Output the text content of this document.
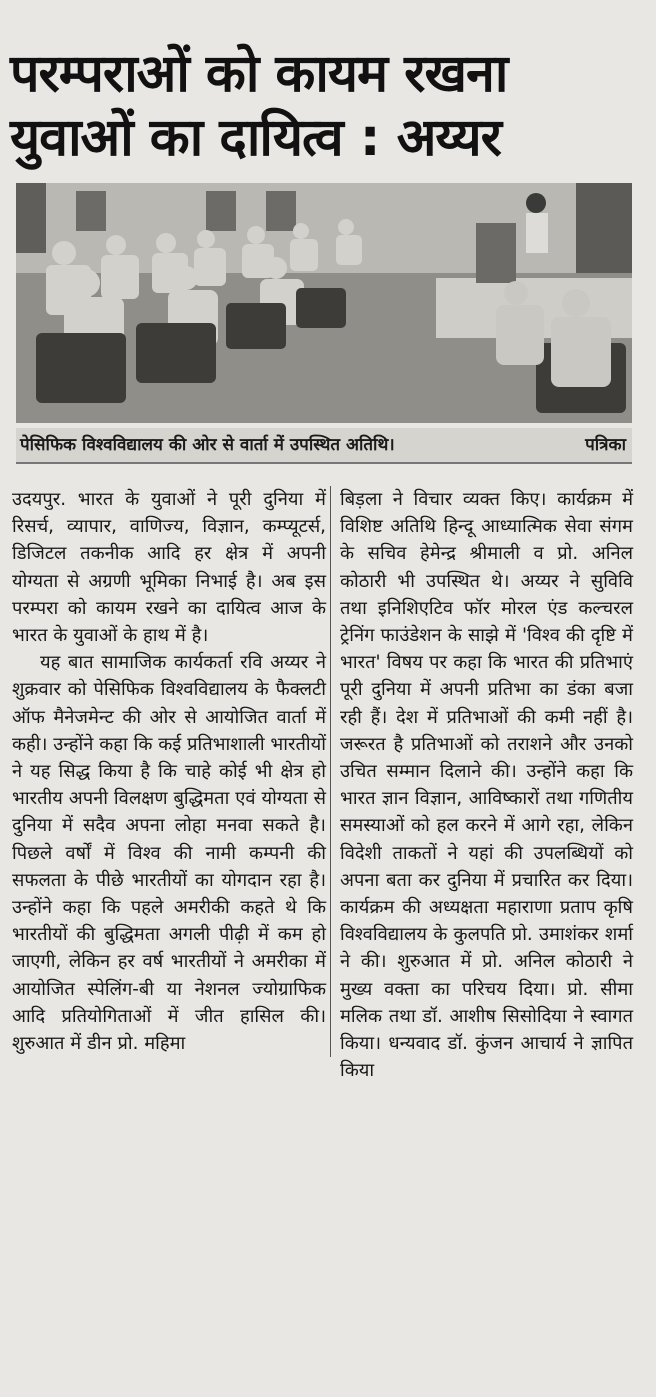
परम्पराओं को कायम रखना
युवाओं का दायित्व : अय्यर
पेसिफिक विश्वविद्यालय की ओर से वार्ता में उपस्थित अतिथि।	पत्रिका

उदयपुर. भारत के युवाओं ने पूरी दुनिया में रिसर्च, व्यापार, वाणिज्य, विज्ञान, कम्प्यूटर्स, डिजिटल तकनीक आदि हर क्षेत्र में अपनी योग्यता से अग्रणी भूमिका निभाई है। अब इस परम्परा को कायम रखने का दायित्व आज के भारत के युवाओं के हाथ में है।

यह बात सामाजिक कार्यकर्ता रवि अय्यर ने शुक्रवार को पेसिफिक विश्वविद्यालय के फैक्लटी ऑफ मैनेजमेन्ट की ओर से आयोजित वार्ता में कही। उन्होंने कहा कि कई प्रतिभाशाली भारतीयों ने यह सिद्ध किया है कि चाहे कोई भी क्षेत्र हो भारतीय अपनी विलक्षण बुद्धिमता एवं योग्यता से दुनिया में सदैव अपना लोहा मनवा सकते है। पिछले वर्षों में विश्व की नामी कम्पनी की सफलता के पीछे भारतीयों का योगदान रहा है। उन्होंने कहा कि पहले अमरीकी कहते थे कि भारतीयों की बुद्धिमता अगली पीढ़ी में कम हो जाएगी, लेकिन हर वर्ष भारतीयों ने अमरीका में आयोजित स्पेलिंग-बी या नेशनल ज्योग्राफिक आदि प्रतियोगिताओं में जीत हासिल की। शुरुआत में डीन प्रो. महिमा

बिड़ला ने विचार व्यक्त किए। कार्यक्रम में विशिष्ट अतिथि हिन्दू आध्यात्मिक सेवा संगम के सचिव हेमेन्द्र श्रीमाली व प्रो. अनिल कोठारी भी उपस्थित थे। अय्यर ने सुविवि तथा इनिशिएटिव फॉर मोरल एंड कल्चरल ट्रेनिंग फाउंडेशन के साझे में 'विश्व की दृष्टि में भारत' विषय पर कहा कि भारत की प्रतिभाएं पूरी दुनिया में अपनी प्रतिभा का डंका बजा रही हैं। देश में प्रतिभाओं की कमी नहीं है। जरूरत है प्रतिभाओं को तराशने और उनको उचित सम्मान दिलाने की। उन्होंने कहा कि भारत ज्ञान विज्ञान, आविष्कारों तथा गणितीय समस्याओं को हल करने में आगे रहा, लेकिन विदेशी ताकतों ने यहां की उपलब्धियों को अपना बता कर दुनिया में प्रचारित कर दिया। कार्यक्रम की अध्यक्षता महाराणा प्रताप कृषि विश्वविद्यालय के कुलपति प्रो. उमाशंकर शर्मा ने की। शुरुआत में प्रो. अनिल कोठारी ने मुख्य वक्ता का परिचय दिया। प्रो. सीमा मलिक तथा डॉ. आशीष सिसोदिया ने स्वागत किया। धन्यवाद डॉ. कुंजन आचार्य ने ज्ञापित किया
